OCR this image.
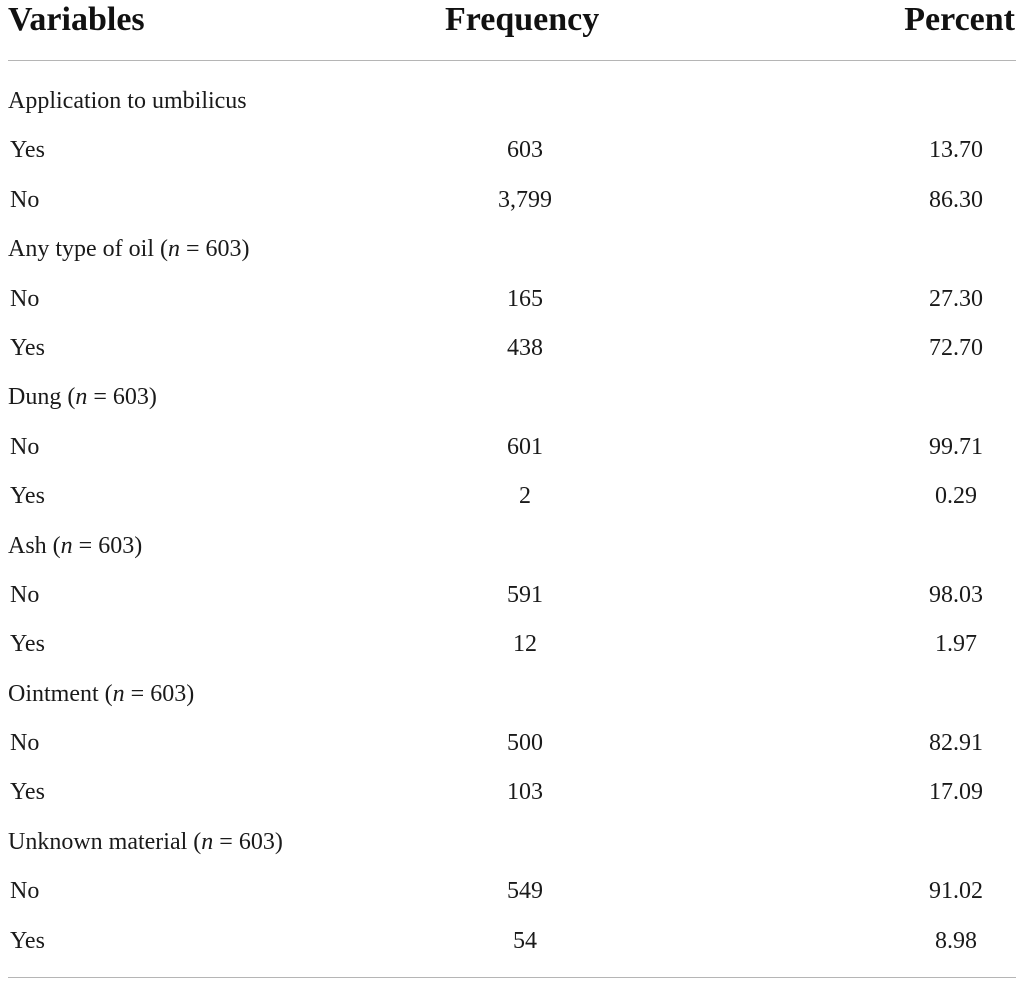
Variables	Frequency	Percent
Application to umbilicus
Yes	603	13.70
No	3,799	86.30
Any type of oil (n = 603)
No	165	27.30
Yes	438	72.70
Dung (n = 603)
No	601	99.71
Yes	2	0.29
Ash (n = 603)
No	591	98.03
Yes	12	1.97
Ointment (n = 603)
No	500	82.91
Yes	103	17.09
Unknown material (n = 603)
No	549	91.02
Yes	54	8.98
